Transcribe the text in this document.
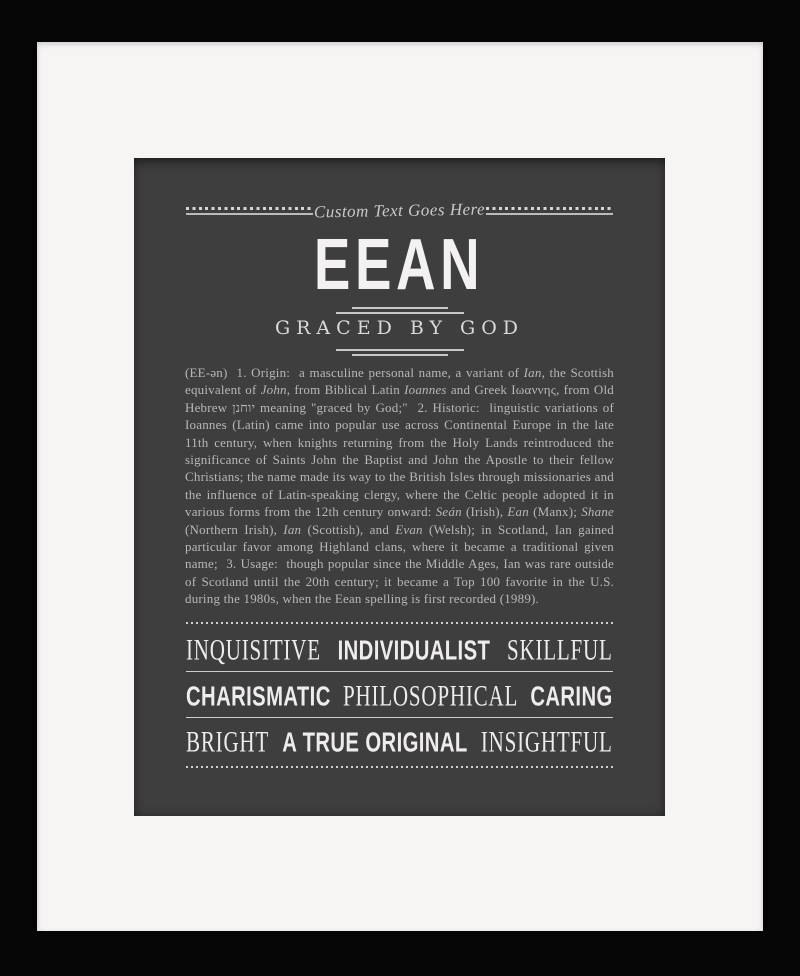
Custom Text Goes Here
EEAN
GRACED BY GOD
(EE-ən)  1. Origin:  a masculine personal name, a variant of Ian, the Scottish equivalent of John, from Biblical Latin Ioannes and Greek Ιωαννης, from Old Hebrew יוחנן meaning "graced by God;"  2. Historic:  linguistic variations of Ioannes (Latin) came into popular use across Continental Europe in the late 11th century, when knights returning from the Holy Lands reintroduced the significance of Saints John the Baptist and John the Apostle to their fellow Christians; the name made its way to the British Isles through missionaries and the influence of Latin-speaking clergy, where the Celtic people adopted it in various forms from the 12th century onward: Seán (Irish), Ean (Manx); Shane (Northern Irish), Ian (Scottish), and Evan (Welsh); in Scotland, Ian gained particular favor among Highland clans, where it became a traditional given name;  3. Usage:  though popular since the Middle Ages, Ian was rare outside of Scotland until the 20th century; it became a Top 100 favorite in the U.S. during the 1980s, when the Eean spelling is first recorded (1989).
INQUISITIVE INDIVIDUALIST SKILLFUL
CHARISMATIC PHILOSOPHICAL CARING
BRIGHT A TRUE ORIGINAL INSIGHTFUL
